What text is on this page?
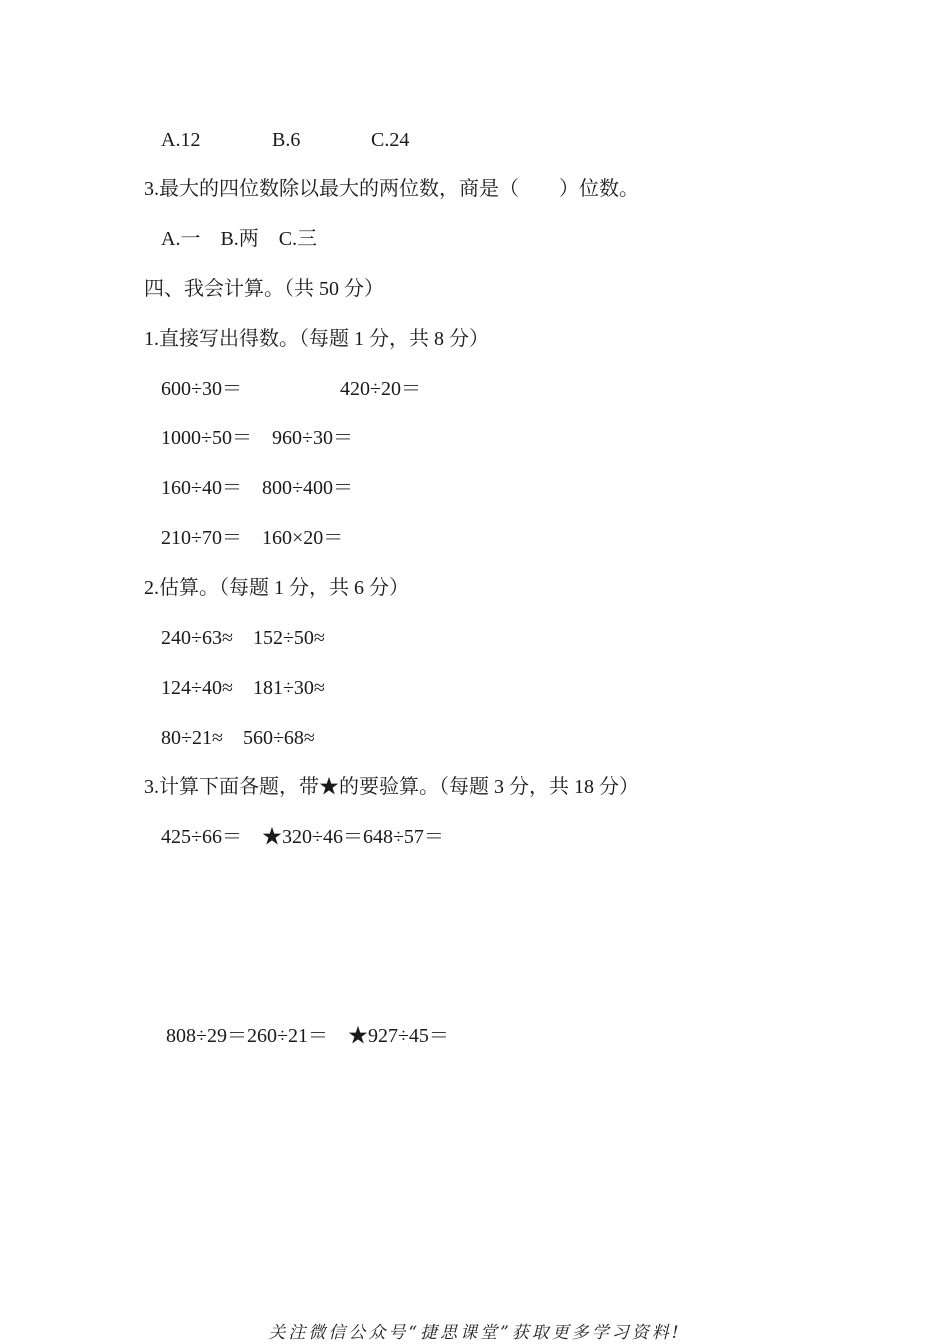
A.12	B.6	C.24
3.最大的四位数除以最大的两位数，商是（　　）位数。
A.一　B.两　C.三
四、我会计算。（共 50 分）
1.直接写出得数。（每题 1 分，共 8 分）
600÷30＝	420÷20＝
1000÷50＝　960÷30＝
160÷40＝　800÷400＝
210÷70＝　160×20＝
2.估算。（每题 1 分，共 6 分）
240÷63≈　152÷50≈
124÷40≈　181÷30≈
80÷21≈　560÷68≈
3.计算下面各题，带★的要验算。（每题 3 分，共 18 分）
425÷66＝　★320÷46＝648÷57＝
808÷29＝260÷21＝　★927÷45＝
关注微信公众号“捷思课堂”获取更多学习资料!
